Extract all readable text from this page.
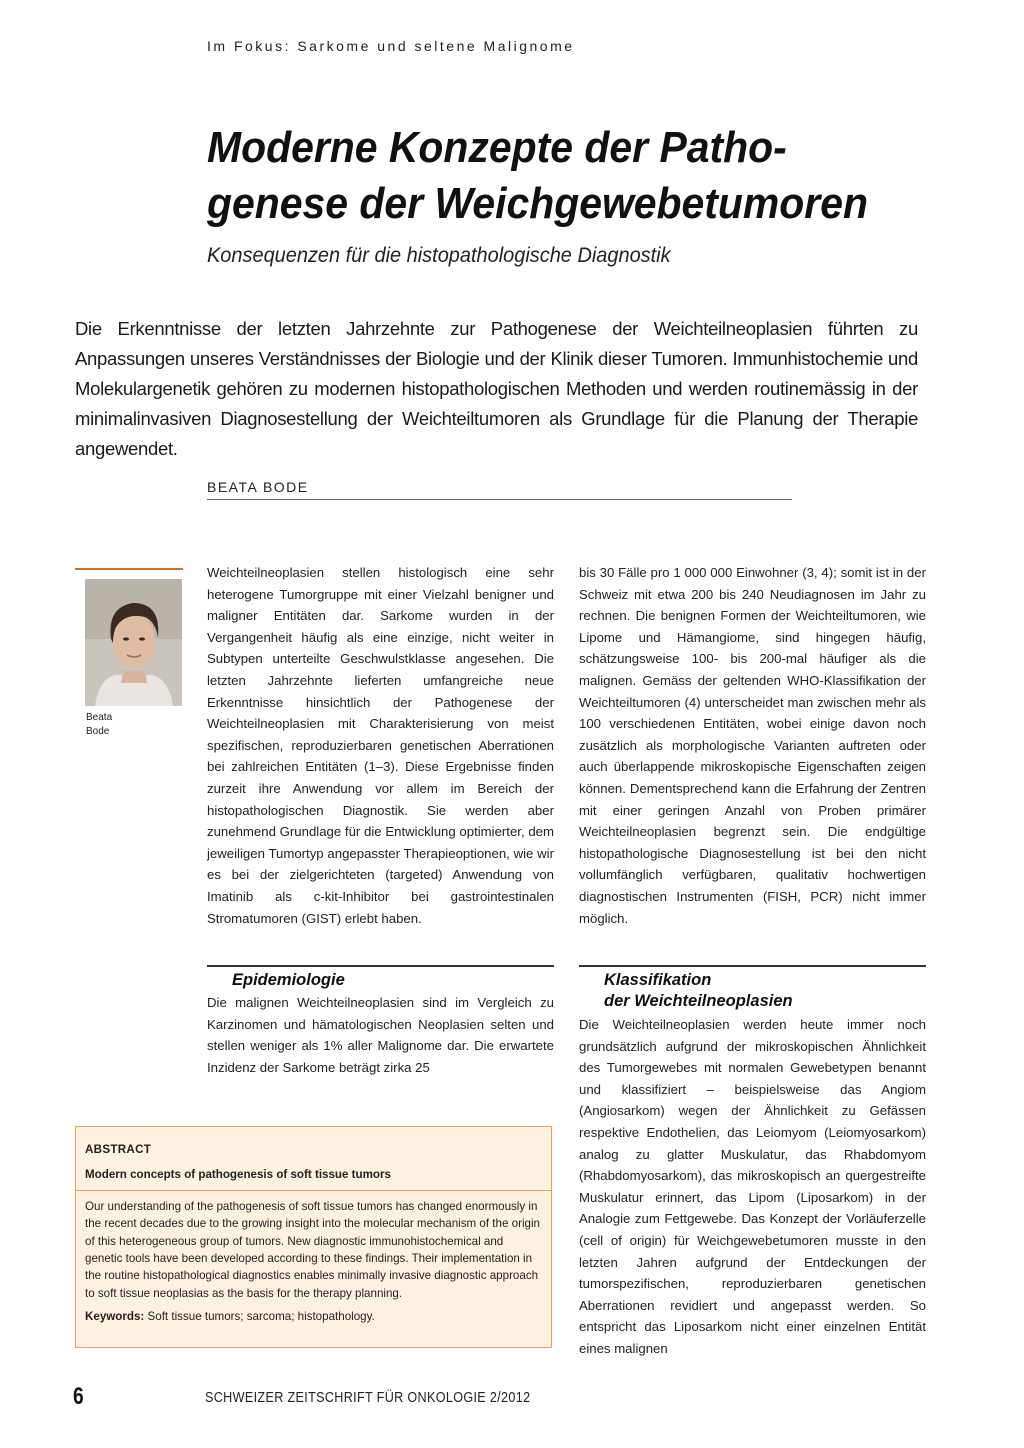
Im Fokus: Sarkome und seltene Malignome
Moderne Konzepte der Patho-
genese der Weichgewebetumoren
Konsequenzen für die histopathologische Diagnostik
Die Erkenntnisse der letzten Jahrzehnte zur Pathogenese der Weichteilneoplasien führten zu Anpassungen unseres Verständnisses der Biologie und der Klinik dieser Tumoren. Immunhistochemie und Molekulargenetik gehören zu modernen histopathologischen Methoden und werden routinemässig in der minimalinvasiven Diagnosestellung der Weichteiltumoren als Grundlage für die Planung der Therapie angewendet.
BEATA BODE
Beata
Bode
Weichteilneoplasien stellen histologisch eine sehr heterogene Tumorgruppe mit einer Vielzahl benigner und maligner Entitäten dar. Sarkome wurden in der Vergangenheit häufig als eine einzige, nicht weiter in Subtypen unterteilte Geschwulstklasse angesehen. Die letzten Jahrzehnte lieferten umfangreiche neue Erkenntnisse hinsichtlich der Pathogenese der Weichteilneoplasien mit Charakterisierung von meist spezifischen, reproduzierbaren genetischen Aberrationen bei zahlreichen Entitäten (1–3). Diese Ergebnisse finden zurzeit ihre Anwendung vor allem im Bereich der histopathologischen Diagnostik. Sie werden aber zunehmend Grundlage für die Entwicklung optimierter, dem jeweiligen Tumortyp angepasster Therapieoptionen, wie wir es bei der zielgerichteten (targeted) Anwendung von Imatinib als c-kit-Inhibitor bei gastrointestinalen Stromatumoren (GIST) erlebt haben.
bis 30 Fälle pro 1 000 000 Einwohner (3, 4); somit ist in der Schweiz mit etwa 200 bis 240 Neudiagnosen im Jahr zu rechnen. Die benignen Formen der Weichteiltumoren, wie Lipome und Hämangiome, sind hingegen häufig, schätzungsweise 100- bis 200-mal häufiger als die malignen. Gemäss der geltenden WHO-Klassifikation der Weichteiltumoren (4) unterscheidet man zwischen mehr als 100 verschiedenen Entitäten, wobei einige davon noch zusätzlich als morphologische Varianten auftreten oder auch überlappende mikroskopische Eigenschaften zeigen können. Dementsprechend kann die Erfahrung der Zentren mit einer geringen Anzahl von Proben primärer Weichteilneoplasien begrenzt sein. Die endgültige histopathologische Diagnosestellung ist bei den nicht vollumfänglich verfügbaren, qualitativ hochwertigen diagnostischen Instrumenten (FISH, PCR) nicht immer möglich.
Epidemiologie
Die malignen Weichteilneoplasien sind im Vergleich zu Karzinomen und hämatologischen Neoplasien selten und stellen weniger als 1% aller Malignome dar. Die erwartete Inzidenz der Sarkome beträgt zirka 25
Klassifikation
der Weichteilneoplasien
Die Weichteilneoplasien werden heute immer noch grundsätzlich aufgrund der mikroskopischen Ähnlichkeit des Tumorgewebes mit normalen Gewebetypen benannt und klassifiziert – beispielsweise das Angiom (Angiosarkom) wegen der Ähnlichkeit zu Gefässen respektive Endothelien, das Leiomyom (Leiomyosarkom) analog zu glatter Muskulatur, das Rhabdomyom (Rhabdomyosarkom), das mikroskopisch an quergestreifte Muskulatur erinnert, das Lipom (Liposarkom) in der Analogie zum Fettgewebe. Das Konzept der Vorläuferzelle (cell of origin) für Weichgewebetumoren musste in den letzten Jahren aufgrund der Entdeckungen der tumorspezifischen, reproduzierbaren genetischen Aberrationen revidiert und angepasst werden. So entspricht das Liposarkom nicht einer einzelnen Entität eines malignen
ABSTRACT
Modern concepts of pathogenesis of soft tissue tumors
Our understanding of the pathogenesis of soft tissue tumors has changed enormously in the recent decades due to the growing insight into the molecular mechanism of the origin of this heterogeneous group of tumors. New diagnostic immunohistochemical and genetic tools have been developed according to these findings. Their implementation in the routine histopathological diagnostics enables minimally invasive diagnostic approach to soft tissue neoplasias as the basis for the therapy planning.
Keywords: Soft tissue tumors; sarcoma; histopathology.
6	SCHWEIZER ZEITSCHRIFT FÜR ONKOLOGIE 2/2012
